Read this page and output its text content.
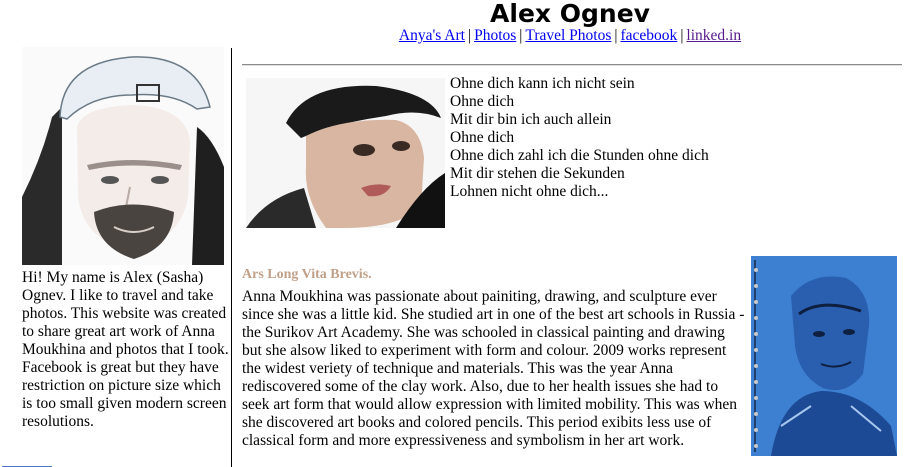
Alex Ognev
Anya's Art | Photos | Travel Photos | facebook | linked.in
Hi! My name is Alex (Sasha) Ognev. I like to travel and take photos. This website was created to share great art work of Anna Moukhina and photos that I took. Facebook is great but they have restriction on picture size which is too small given modern screen resolutions.
Ohne dich kann ich nicht sein
Ohne dich
Mit dir bin ich auch allein
Ohne dich
Ohne dich zahl ich die Stunden ohne dich
Mit dir stehen die Sekunden
Lohnen nicht ohne dich...
Ars Long Vita Brevis.
Anna Moukhina was passionate about painiting, drawing, and sculpture ever since she was a little kid. She studied art in one of the best art schools in Russia - the Surikov Art Academy. She was schooled in classical painting and drawing but she alsow liked to experiment with form and colour. 2009 works represent the widest veriety of technique and materials. This was the year Anna rediscovered some of the clay work. Also, due to her health issues she had to seek art form that would allow expression with limited mobility. This was when she discovered art books and colored pencils. This period exibits less use of classical form and more expressiveness and symbolism in her art work.
